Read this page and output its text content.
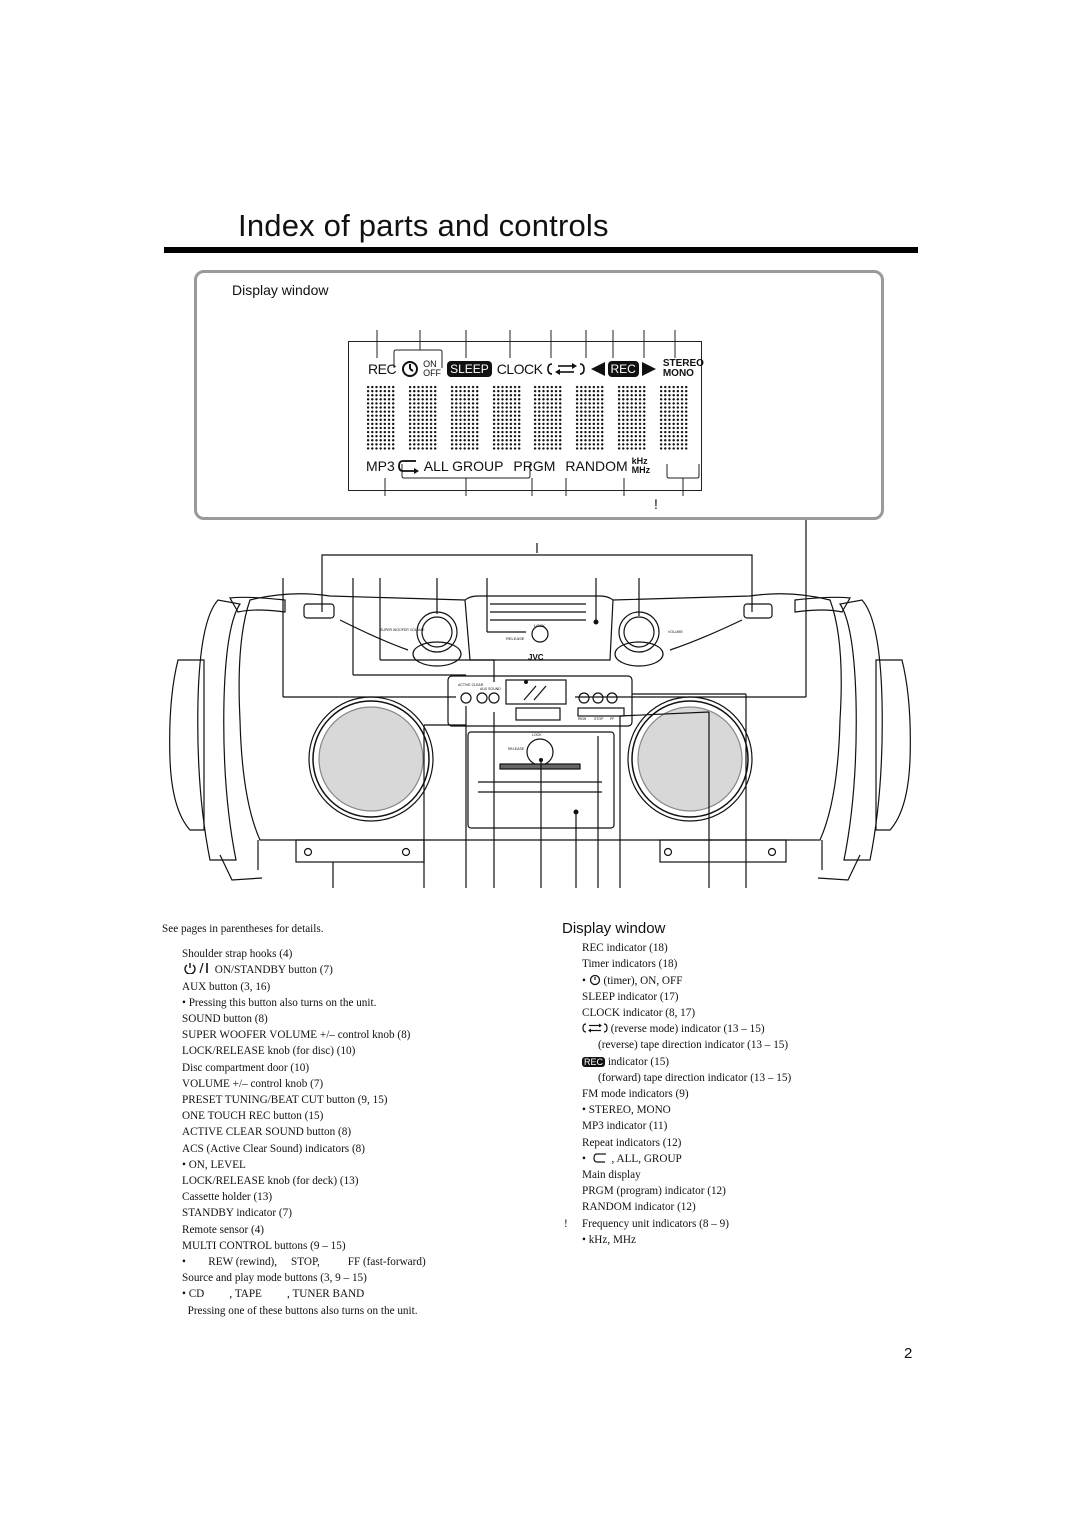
Index of parts and controls
Display window
REC	ON
OFF SLEEP CLOCK	REC	STEREO
MONO
MP3 ALL GROUP PRGM RANDOM kHz
MHz
!
LOCK
RELEASE
JVC
SUPER WOOFER VOLUME	VOLUME
ACTIVE CLEAR
AUX SOUND
LOCK
RELEASE
REW STOP FF
See pages in parentheses for details.
Shoulder strap hooks (4)
ON/STANDBY button (7)
AUX button (3, 16)
• Pressing this button also turns on the unit.
SOUND button (8)
SUPER WOOFER VOLUME +/– control knob (8)
LOCK/RELEASE knob (for disc) (10)
Disc compartment door (10)
VOLUME +/– control knob (7)
PRESET TUNING/BEAT CUT button (9, 15)
ONE TOUCH REC button (15)
ACTIVE CLEAR SOUND button (8)
ACS (Active Clear Sound) indicators (8)
• ON, LEVEL
LOCK/RELEASE knob (for deck) (13)
Cassette holder (13)
STANDBY indicator (7)
Remote sensor (4)
MULTI CONTROL buttons (9 – 15)
•        REW (rewind),     STOP,          FF (fast-forward)
Source and play mode buttons (3, 9 – 15)
• CD         , TAPE         , TUNER BAND
Pressing one of these buttons also turns on the unit.
Display window
REC indicator (18)
Timer indicators (18)
•  (timer), ON, OFF
SLEEP indicator (17)
CLOCK indicator (8, 17)
(reverse mode) indicator (13 – 15)
(reverse) tape direction indicator (13 – 15)
REC indicator (15)
(forward) tape direction indicator (13 – 15)
FM mode indicators (9)
• STEREO, MONO
MP3 indicator (11)
Repeat indicators (12)
•  , ALL, GROUP
Main display
PRGM (program) indicator (12)
RANDOM indicator (12)
! Frequency unit indicators (8 – 9)
• kHz, MHz
2
